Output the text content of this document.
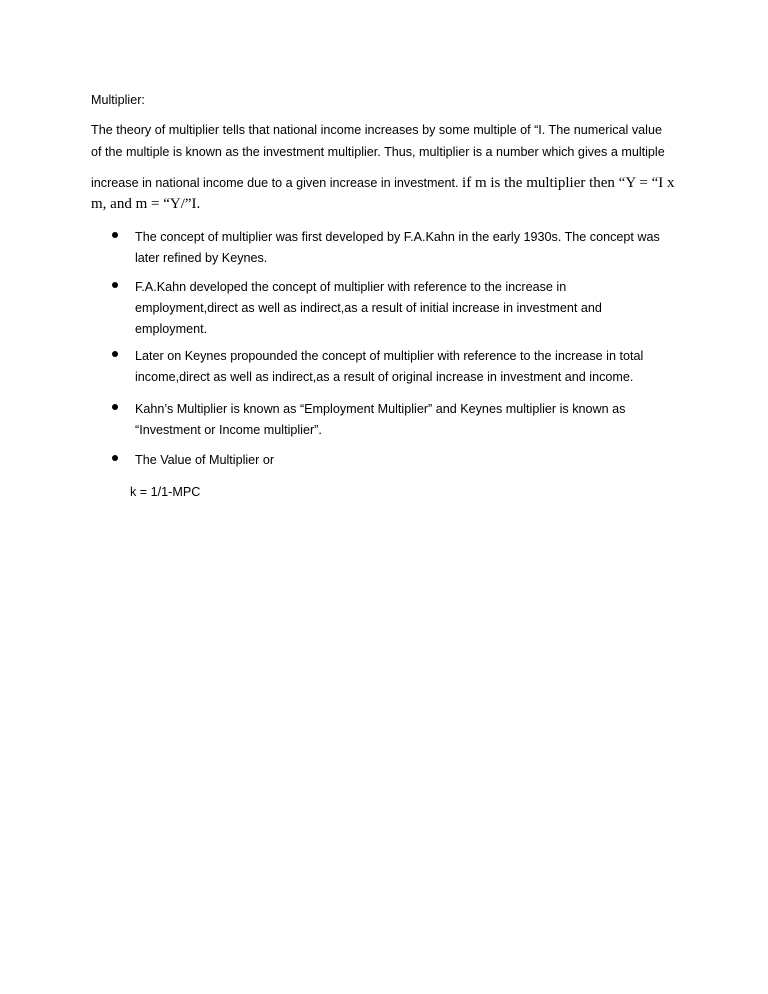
Multiplier:
The theory of multiplier tells that national income increases by some multiple of “I. The numerical value
of the multiple is known as the investment multiplier. Thus, multiplier is a number which gives a multiple
increase in national income due to a given increase in investment. if m is the multiplier then “Y = “I x
m, and m = “Y/”I.
The concept of multiplier was first developed by F.A.Kahn in the early 1930s. The concept was
later refined by Keynes.
F.A.Kahn developed the concept of multiplier with reference to the increase in
employment,direct as well as indirect,as a result of initial increase in investment and
employment.
Later on Keynes propounded the concept of multiplier with reference to the increase in total
income,direct as well as indirect,as a result of original increase in investment and income.
Kahn’s Multiplier is known as “Employment Multiplier” and Keynes multiplier is known as
“Investment or Income multiplier”.
The Value of Multiplier or
k = 1/1-MPC
